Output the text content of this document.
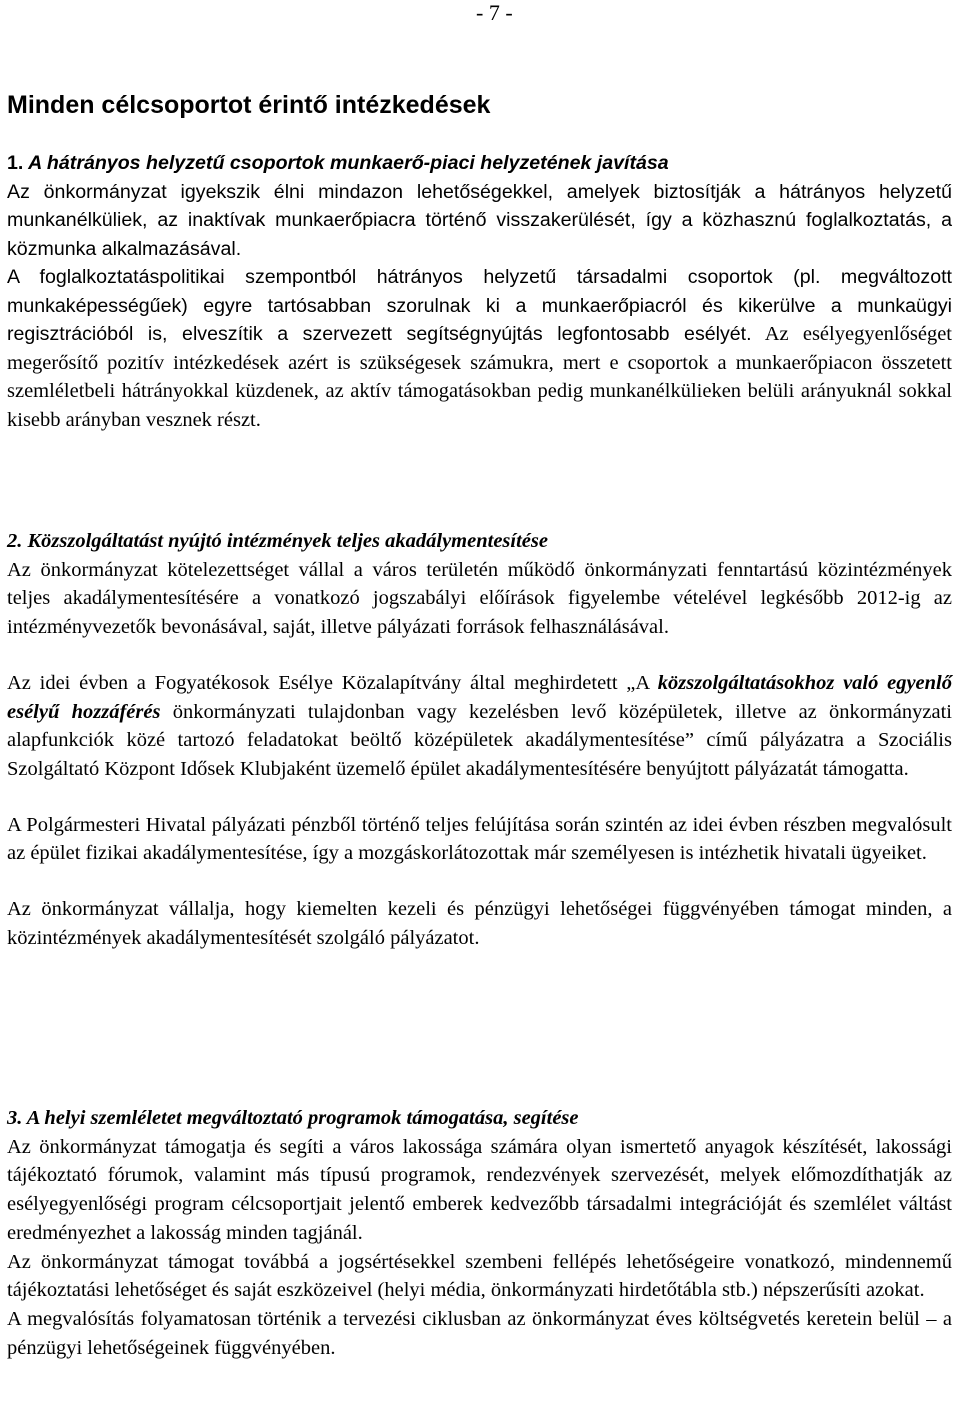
- 7 -
Minden célcsoportot érintő intézkedések

1. A hátrányos helyzetű csoportok munkaerő-piaci helyzetének javítása

Az önkormányzat igyekszik élni mindazon lehetőségekkel, amelyek biztosítják a hátrányos helyzetű munkanélküliek, az inaktívak munkaerőpiacra történő visszakerülését, így a közhasznú foglalkoztatás, a közmunka alkalmazásával.

A foglalkoztatáspolitikai szempontból hátrányos helyzetű társadalmi csoportok (pl. megváltozott munkaképességűek) egyre tartósabban szorulnak ki a munkaerőpiacról és kikerülve a munkaügyi regisztrációból is, elveszítik a szervezett segítségnyújtás legfontosabb esélyét. Az esélyegyenlőséget megerősítő pozitív intézkedések azért is szükségesek számukra, mert e csoportok a munkaerőpiacon összetett szemléletbeli hátrányokkal küzdenek, az aktív támogatásokban pedig munkanélkülieken belüli arányuknál sokkal kisebb arányban vesznek részt.

2. Közszolgáltatást nyújtó intézmények teljes akadálymentesítése

Az önkormányzat kötelezettséget vállal a város területén működő önkormányzati fenntartású közintézmények teljes akadálymentesítésére a vonatkozó jogszabályi előírások figyelembe vételével legkésőbb 2012-ig az intézményvezetők bevonásával, saját, illetve pályázati források felhasználásával.

Az idei évben a Fogyatékosok Esélye Közalapítvány által meghirdetett „A közszolgáltatásokhoz való egyenlő esélyű hozzáférés önkormányzati tulajdonban vagy kezelésben levő középületek, illetve az önkormányzati alapfunkciók közé tartozó feladatokat beöltő középületek akadálymentesítése” című pályázatra a Szociális Szolgáltató Központ Idősek Klubjaként üzemelő épület akadálymentesítésére benyújtott pályázatát támogatta.

A Polgármesteri Hivatal pályázati pénzből történő teljes felújítása során szintén az idei évben részben megvalósult az épület fizikai akadálymentesítése, így a mozgáskorlátozottak már személyesen is intézhetik hivatali ügyeiket.

Az önkormányzat vállalja, hogy kiemelten kezeli és pénzügyi lehetőségei függvényében támogat minden, a közintézmények akadálymentesítését szolgáló pályázatot.

3. A helyi szemléletet megváltoztató programok támogatása, segítése

Az önkormányzat támogatja és segíti a város lakossága számára olyan ismertető anyagok készítését, lakossági tájékoztató fórumok, valamint más típusú programok, rendezvények szervezését, melyek előmozdíthatják az esélyegyenlőségi program célcsoportjait jelentő emberek kedvezőbb társadalmi integrációját és szemlélet váltást eredményezhet a lakosság minden tagjánál.

Az önkormányzat támogat továbbá a jogsértésekkel szembeni fellépés lehetőségeire vonatkozó, mindennemű tájékoztatási lehetőséget és saját eszközeivel (helyi média, önkormányzati hirdetőtábla stb.) népszerűsíti azokat.

A megvalósítás folyamatosan történik a tervezési ciklusban az önkormányzat éves költségvetés keretein belül – a pénzügyi lehetőségeinek függvényében.
